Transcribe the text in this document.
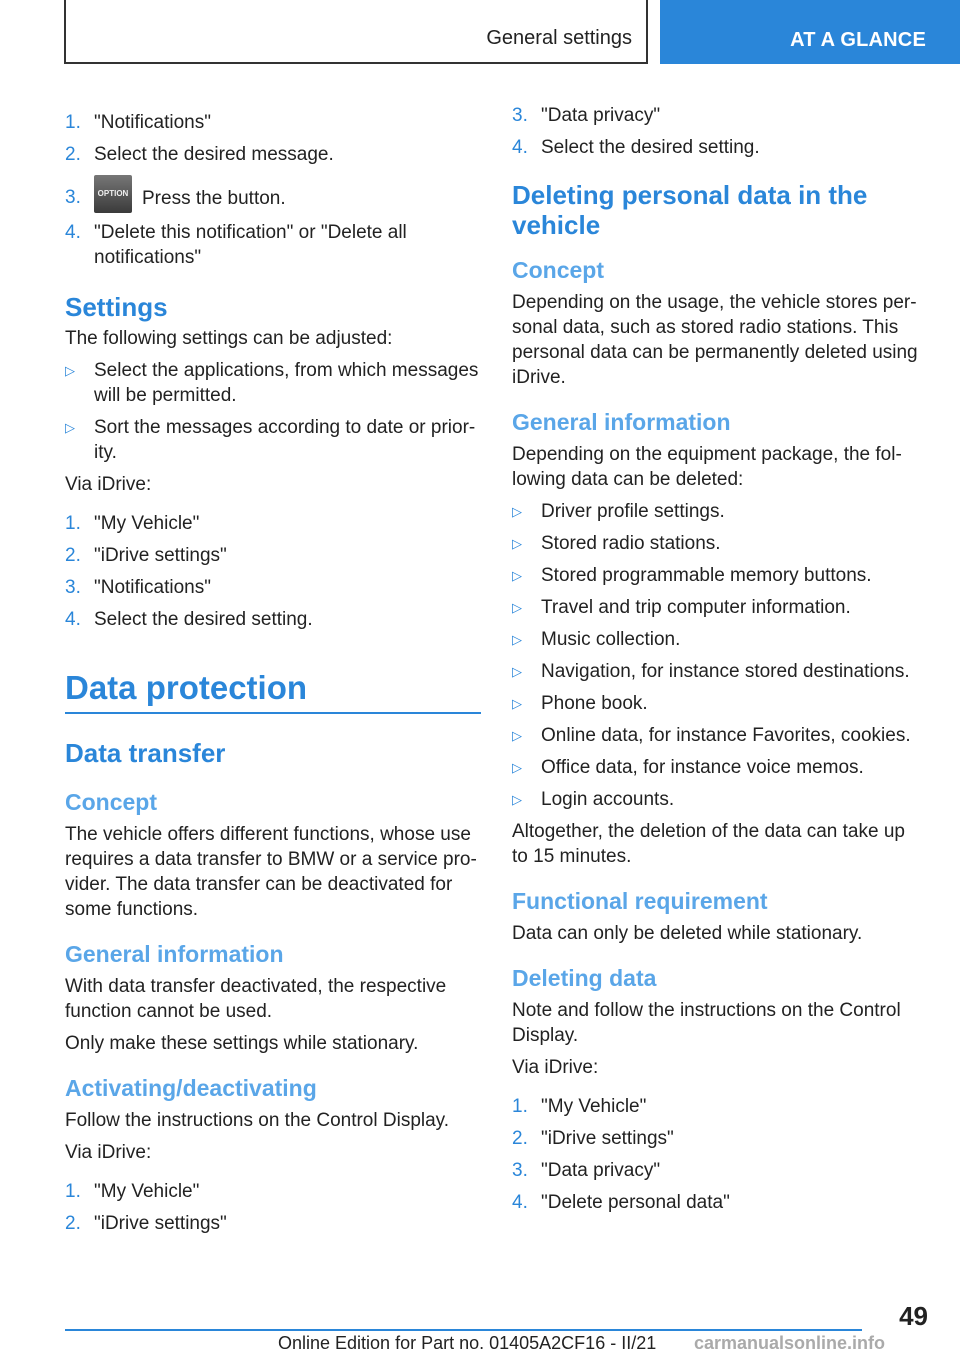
General settings	AT A GLANCE
1. "Notifications"
2. Select the desired message.
3.	OPTION Press the button.
4. "Delete this notification" or "Delete all notifications"
Settings
The following settings can be adjusted:
▷	Select the applications, from which messages will be permitted.
▷	Sort the messages according to date or priority.
Via iDrive:
1. "My Vehicle"
2. "iDrive settings"
3. "Notifications"
4. Select the desired setting.
Data protection
Data transfer
Concept
The vehicle offers different functions, whose use requires a data transfer to BMW or a service provider. The data transfer can be deactivated for some functions.
General information
With data transfer deactivated, the respective function cannot be used.
Only make these settings while stationary.
Activating/deactivating
Follow the instructions on the Control Display.
Via iDrive:
1. "My Vehicle"
2. "iDrive settings"
3. "Data privacy"
4. Select the desired setting.
Deleting personal data in the vehicle
Concept
Depending on the usage, the vehicle stores personal data, such as stored radio stations. This personal data can be permanently deleted using iDrive.
General information
Depending on the equipment package, the following data can be deleted:
▷	Driver profile settings.
▷	Stored radio stations.
▷	Stored programmable memory buttons.
▷	Travel and trip computer information.
▷	Music collection.
▷	Navigation, for instance stored destinations.
▷	Phone book.
▷	Online data, for instance Favorites, cookies.
▷	Office data, for instance voice memos.
▷	Login accounts.
Altogether, the deletion of the data can take up to 15 minutes.
Functional requirement
Data can only be deleted while stationary.
Deleting data
Note and follow the instructions on the Control Display.
Via iDrive:
1. "My Vehicle"
2. "iDrive settings"
3. "Data privacy"
4. "Delete personal data"
49
Online Edition for Part no. 01405A2CF16 - II/21 carmanualsonline.info
